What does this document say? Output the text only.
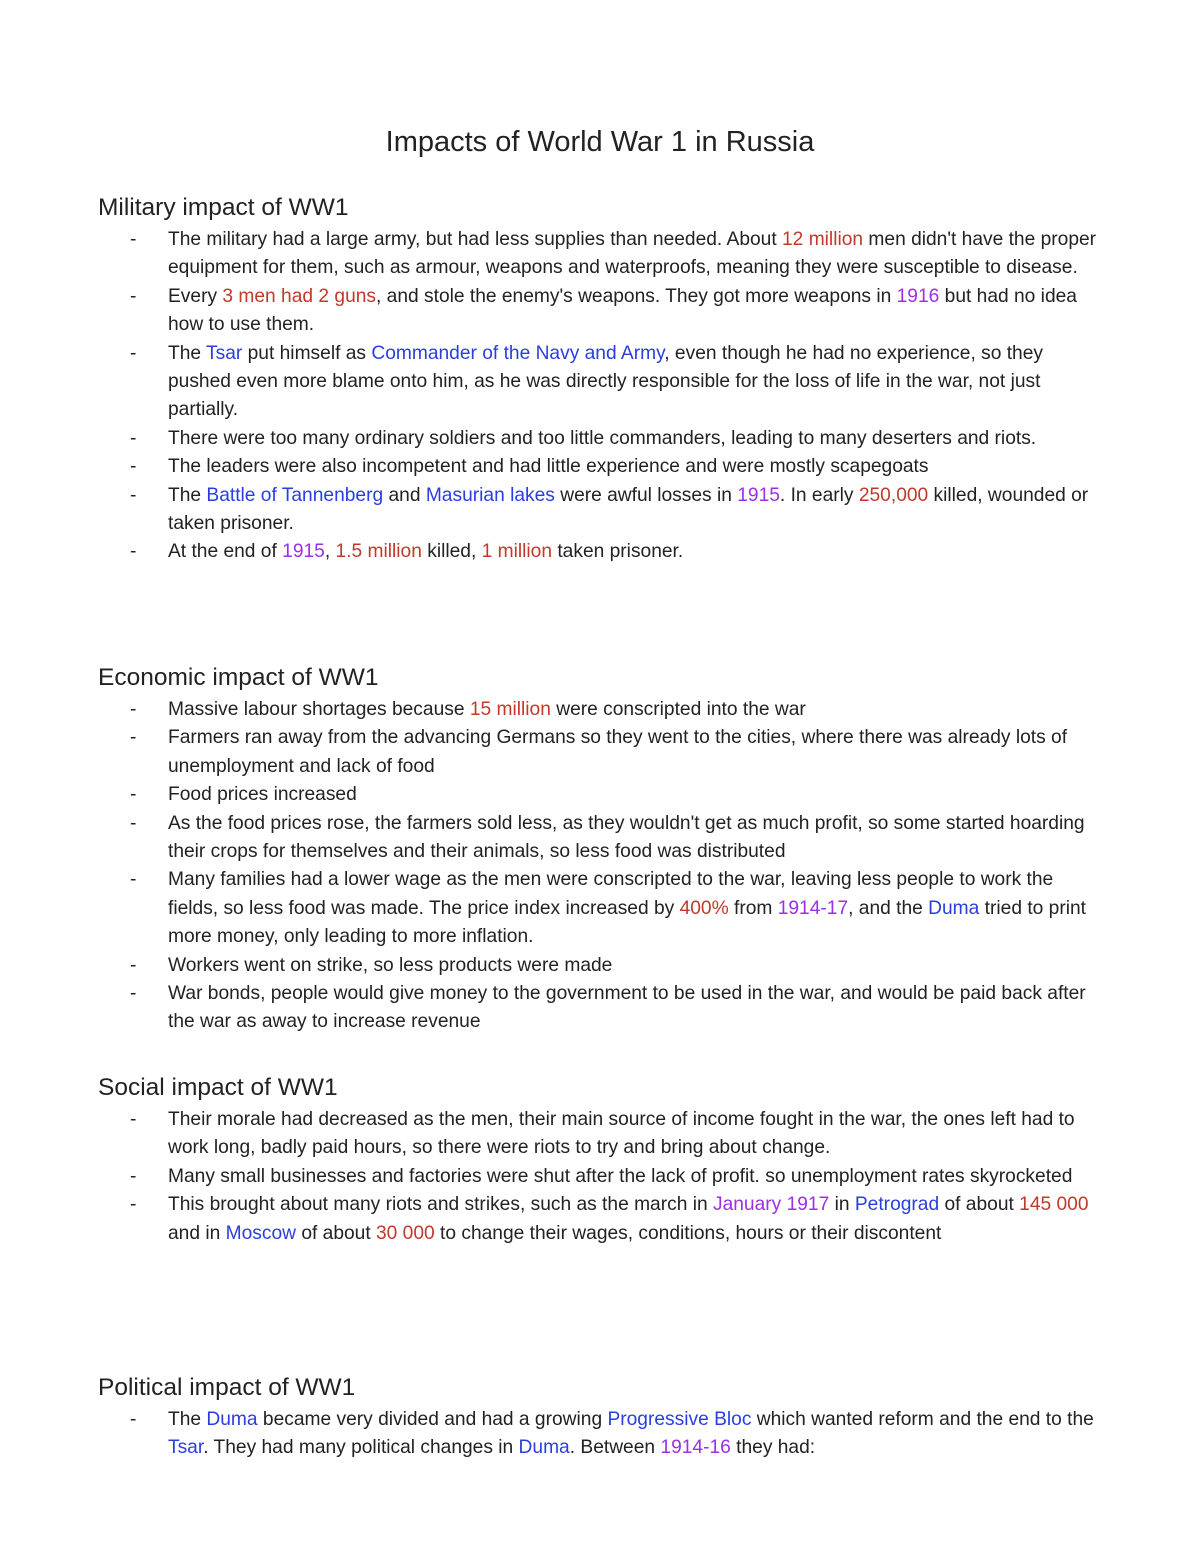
Impacts of World War 1 in Russia
Military impact of WW1
- The military had a large army, but had less supplies than needed. About 12 million men didn't have the proper equipment for them, such as armour, weapons and waterproofs, meaning they were susceptible to disease.
- Every 3 men had 2 guns, and stole the enemy's weapons. They got more weapons in 1916 but had no idea how to use them.
- The Tsar put himself as Commander of the Navy and Army, even though he had no experience, so they pushed even more blame onto him, as he was directly responsible for the loss of life in the war, not just partially.
- There were too many ordinary soldiers and too little commanders, leading to many deserters and riots.
- The leaders were also incompetent and had little experience and were mostly scapegoats
- The Battle of Tannenberg and Masurian lakes were awful losses in 1915. In early 250,000 killed, wounded or taken prisoner.
- At the end of 1915, 1.5 million killed, 1 million taken prisoner.
Economic impact of WW1
- Massive labour shortages because 15 million were conscripted into the war
- Farmers ran away from the advancing Germans so they went to the cities, where there was already lots of unemployment and lack of food
- Food prices increased
- As the food prices rose, the farmers sold less, as they wouldn't get as much profit, so some started hoarding their crops for themselves and their animals, so less food was distributed
- Many families had a lower wage as the men were conscripted to the war, leaving less people to work the fields, so less food was made. The price index increased by 400% from 1914-17, and the Duma tried to print more money, only leading to more inflation.
- Workers went on strike, so less products were made
- War bonds, people would give money to the government to be used in the war, and would be paid back after the war as away to increase revenue
Social impact of WW1
- Their morale had decreased as the men, their main source of income fought in the war, the ones left had to work long, badly paid hours, so there were riots to try and bring about change.
- Many small businesses and factories were shut after the lack of profit. so unemployment rates skyrocketed
- This brought about many riots and strikes, such as the march in January 1917 in Petrograd of about 145 000 and in Moscow of about 30 000 to change their wages, conditions, hours or their discontent
Political impact of WW1
- The Duma became very divided and had a growing Progressive Bloc which wanted reform and the end to the Tsar. They had many political changes in Duma. Between 1914-16 they had:
